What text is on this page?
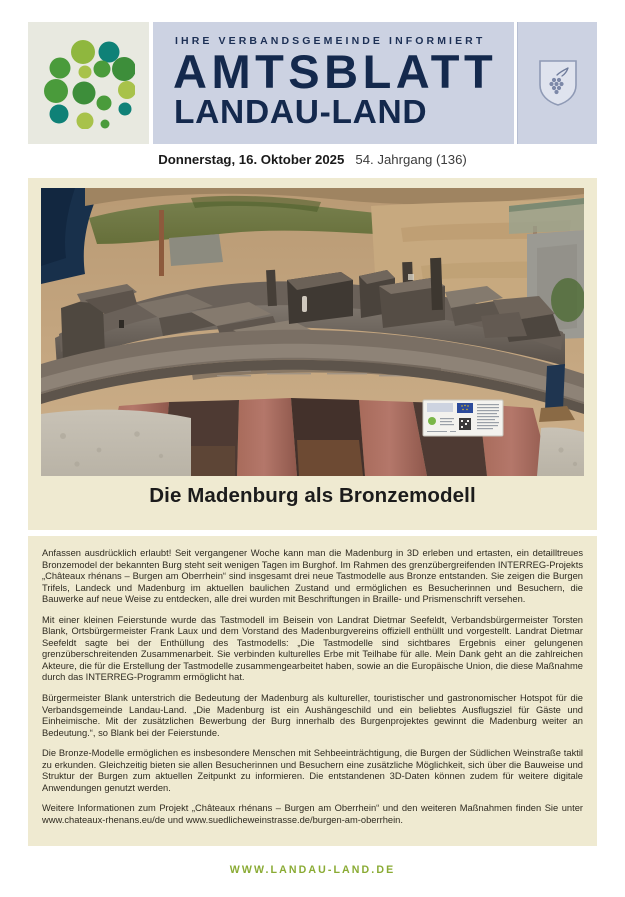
IHRE VERBANDSGEMEINDE INFORMIERT
AMTSBLATT
LANDAU-LAND
Donnerstag, 16. Oktober 2025 54. Jahrgang (136)
Die Madenburg als Bronzemodell

Anfassen ausdrücklich erlaubt! Seit vergangener Woche kann man die Madenburg in 3D erleben und ertasten, ein detailltreues Bronzemodel der bekannten Burg steht seit wenigen Tagen im Burghof. Im Rahmen des grenzübergreifenden INTERREG-Projekts „Châteaux rhénans – Burgen am Oberrhein“ sind insgesamt drei neue Tastmodelle aus Bronze entstanden. Sie zeigen die Burgen Trifels, Landeck und Madenburg im aktuellen baulichen Zustand und ermöglichen es Besucherinnen und Besuchern, die Bauwerke auf neue Weise zu entdecken, alle drei wurden mit Beschriftungen in Braille- und Prismenschrift versehen.

Mit einer kleinen Feierstunde wurde das Tastmodell im Beisein von Landrat Dietmar Seefeldt, Verbandsbürgermeister Torsten Blank, Ortsbürgermeister Frank Laux und dem Vorstand des Madenburgvereins offiziell enthüllt und vorgestellt. Landrat Dietmar Seefeldt sagte bei der Enthüllung des Tastmodells: „Die Tastmodelle sind sichtbares Ergebnis einer gelungenen grenzüberschreitenden Zusammenarbeit. Sie verbinden kulturelles Erbe mit Teilhabe für alle. Mein Dank geht an die zahlreichen Akteure, die für die Erstellung der Tastmodelle zusammengearbeitet haben, sowie an die Europäische Union, die diese Maßnahme durch das INTERREG-Programm ermöglicht hat.

Bürgermeister Blank unterstrich die Bedeutung der Madenburg als kultureller, touristischer und gastronomischer Hotspot für die Verbandsgemeinde Landau-Land. „Die Madenburg ist ein Aushängeschild und ein beliebtes Ausflugsziel für Gäste und Einheimische. Mit der zusätzlichen Bewerbung der Burg innerhalb des Burgenprojektes gewinnt die Madenburg weiter an Bedeutung.“, so Blank bei der Feierstunde.

Die Bronze-Modelle ermöglichen es insbesondere Menschen mit Sehbeeinträchtigung, die Burgen der Südlichen Weinstraße taktil zu erkunden. Gleichzeitig bieten sie allen Besucherinnen und Besuchern eine zusätzliche Möglichkeit, sich über die Bauweise und Struktur der Burgen zum aktuellen Zeitpunkt zu informieren. Die entstandenen 3D-Daten können zudem für weitere digitale Anwendungen genutzt werden.

Weitere Informationen zum Projekt „Châteaux rhénans – Burgen am Oberrhein“ und den weiteren Maßnahmen finden Sie unter www.chateaux-rhenans.eu/de und www.suedlicheweinstrasse.de/burgen-am-oberrhein.

WWW.LANDAU-LAND.DE
